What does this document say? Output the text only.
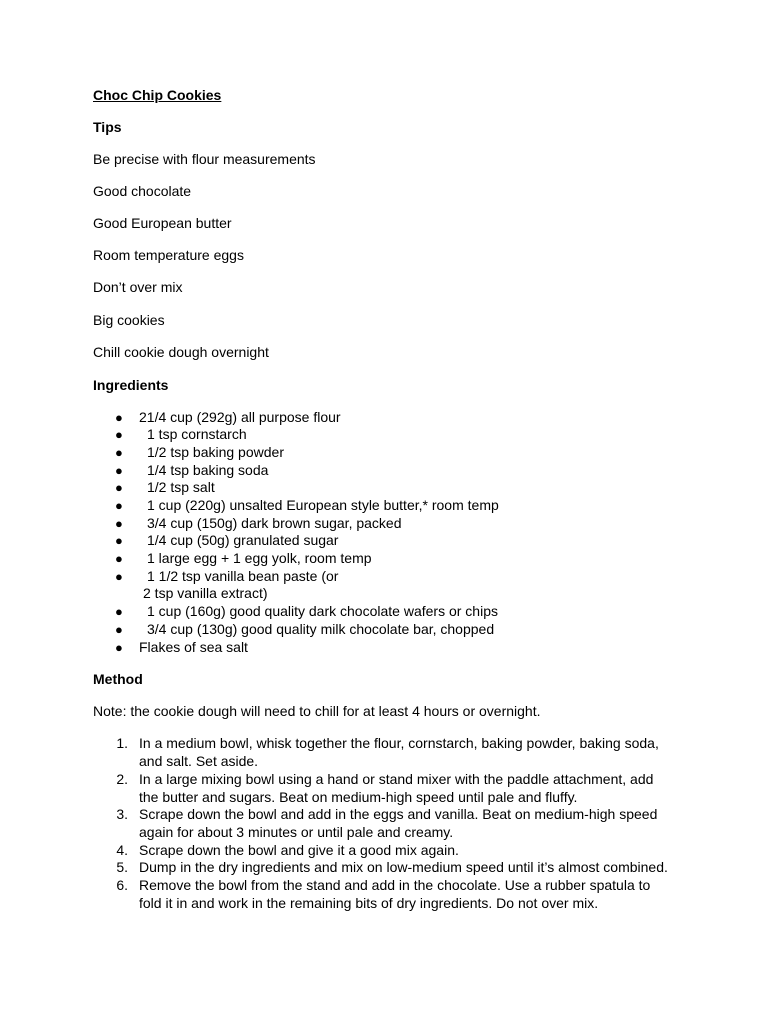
Choc Chip Cookies
Tips
Be precise with flour measurements
Good chocolate
Good European butter
Room temperature eggs
Don’t over mix
Big cookies
Chill cookie dough overnight
Ingredients
● 21/4 cup (292g) all purpose flour
● 1 tsp cornstarch
● 1/2 tsp baking powder
● 1/4 tsp baking soda
● 1/2 tsp salt
● 1 cup (220g) unsalted European style butter,* room temp
● 3/4 cup (150g) dark brown sugar, packed
● 1/4 cup (50g) granulated sugar
● 1 large egg + 1 egg yolk, room temp
● 1 1/2 tsp vanilla bean paste (or
2 tsp vanilla extract)
● 1 cup (160g) good quality dark chocolate wafers or chips
● 3/4 cup (130g) good quality milk chocolate bar, chopped
● Flakes of sea salt
Method
Note: the cookie dough will need to chill for at least 4 hours or overnight.
1. In a medium bowl, whisk together the flour, cornstarch, baking powder, baking soda,
and salt. Set aside.
2. In a large mixing bowl using a hand or stand mixer with the paddle attachment, add
the butter and sugars. Beat on medium-high speed until pale and fluffy.
3. Scrape down the bowl and add in the eggs and vanilla. Beat on medium-high speed
again for about 3 minutes or until pale and creamy.
4. Scrape down the bowl and give it a good mix again.
5. Dump in the dry ingredients and mix on low-medium speed until it’s almost combined.
6. Remove the bowl from the stand and add in the chocolate. Use a rubber spatula to
fold it in and work in the remaining bits of dry ingredients. Do not over mix.
